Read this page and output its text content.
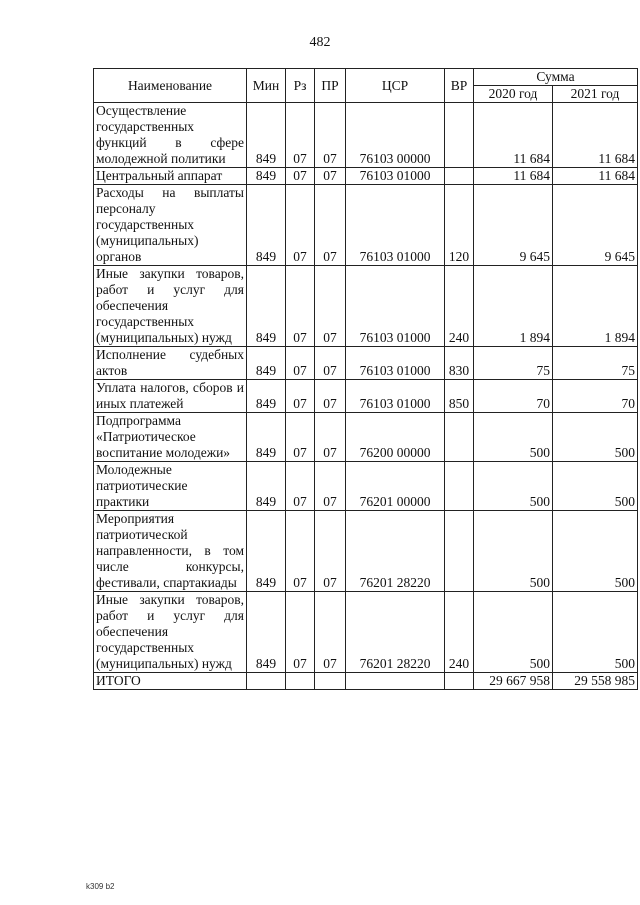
482
Наименование	Мин	Рз	ПР	ЦСР	ВР	Сумма	
						2020 год	2021 год
Осуществление государственных функций в сфере молодежной политики	849	07	07	76103 00000		11 684	11 684
Центральный аппарат	849	07	07	76103 01000		11 684	11 684
Расходы на выплаты персоналу государственных (муниципальных) органов	849	07	07	76103 01000	120	9 645	9 645
Иные закупки товаров, работ и услуг для обеспечения государственных (муниципальных) нужд	849	07	07	76103 01000	240	1 894	1 894
Исполнение судебных актов	849	07	07	76103 01000	830	75	75
Уплата налогов, сборов и иных платежей	849	07	07	76103 01000	850	70	70
Подпрограмма «Патриотическое воспитание молодежи»	849	07	07	76200 00000		500	500
Молодежные патриотические практики	849	07	07	76201 00000		500	500
Мероприятия патриотической направленности, в том числе конкурсы, фестивали, спартакиады	849	07	07	76201 28220		500	500
Иные закупки товаров, работ и услуг для обеспечения государственных (муниципальных) нужд	849	07	07	76201 28220	240	500	500
ИТОГО						29 667 958	29 558 985
k309 b2
